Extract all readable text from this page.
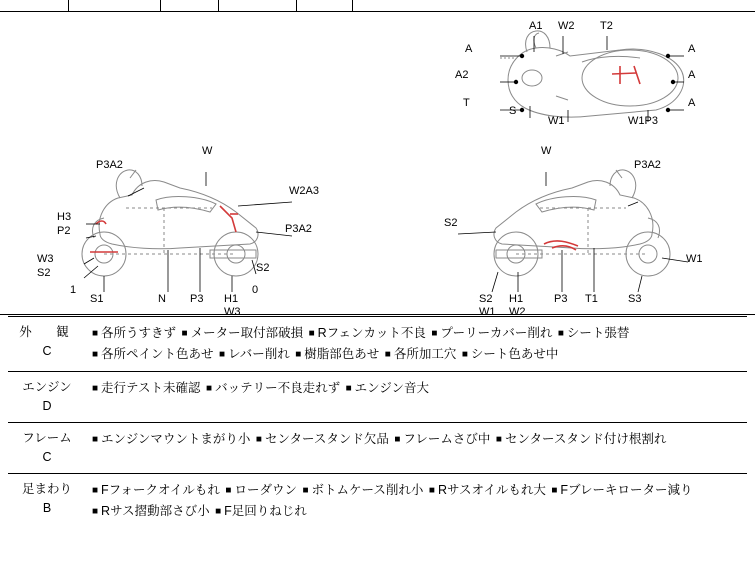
A1 W2 T2
A	A
A2	A
T	A
S
W1	W1P3
W
P3A2
W2A3
H3
P2	P3A2
W3
S2	S2
1
S1	N P3 H1
W3
0
W
P3A2
S2
W1
S2 H1
W1 W2
P3 T1	S3
外　観
C
■ 各所うすきず ■ メーター取付部破損 ■ Rフェンカット不良 ■ プーリーカバー削れ ■ シート張替
■ 各所ペイント色あせ ■ レバー削れ ■ 樹脂部色あせ ■ 各所加工穴 ■ シート色あせ中
エンジン
D
■ 走行テスト未確認 ■ バッテリー不良走れず ■ エンジン音大
フレーム
C
■ エンジンマウントまがり小 ■ センタースタンド欠品 ■ フレームさび中 ■ センタースタンド付け根割れ
足まわり
B
■ Fフォークオイルもれ ■ ローダウン ■ ボトムケース削れ小 ■ Rサスオイルもれ大 ■ Fブレーキローター減り ■ Rサス摺動部さび小 ■ F足回りねじれ
